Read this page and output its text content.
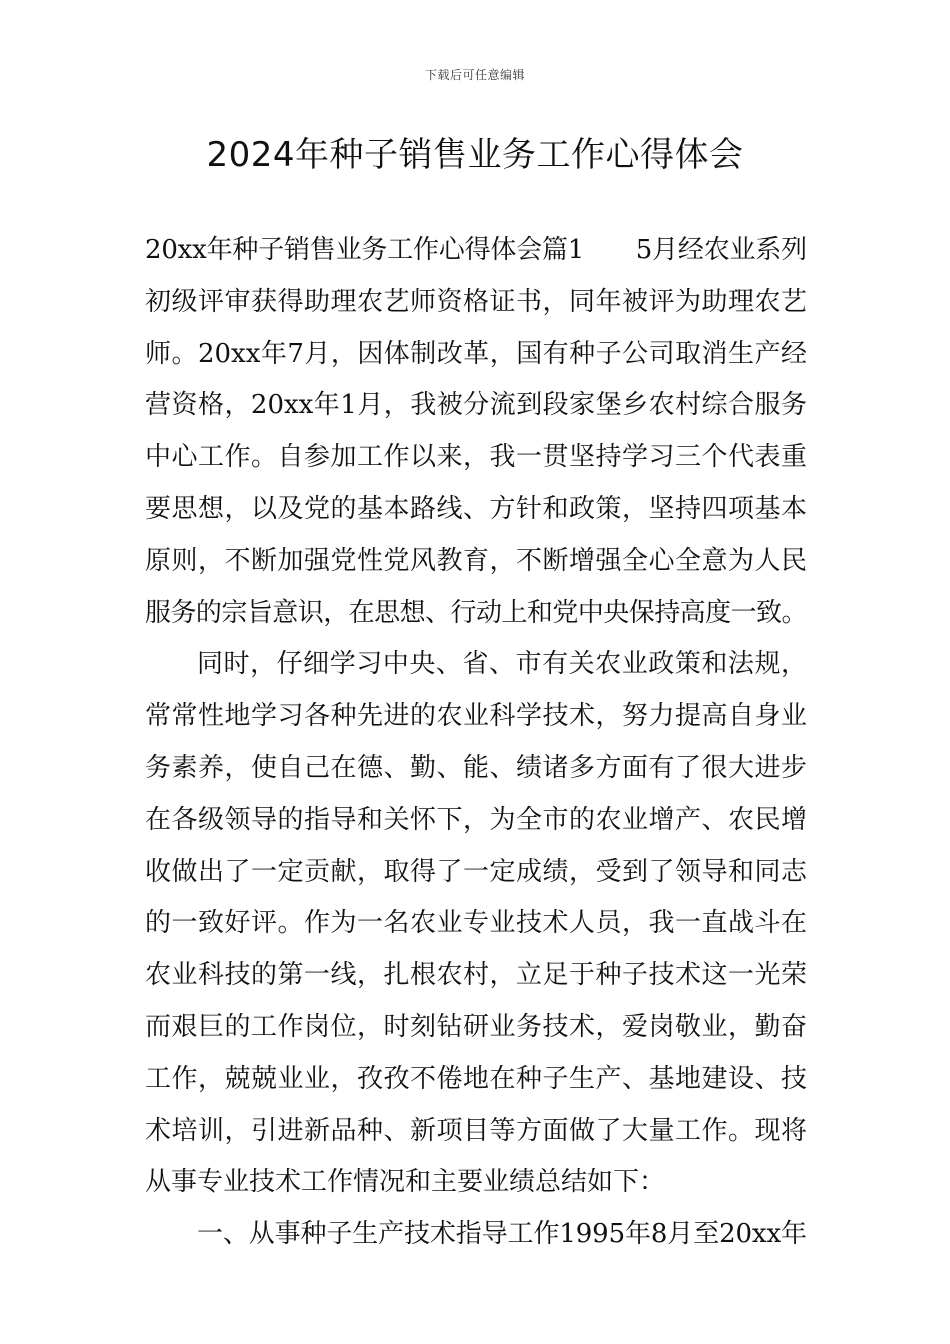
下载后可任意编辑
2024年种子销售业务工作心得体会
20xx年种子销售业务工作心得体会篇1　　5月经农业系列
初级评审获得助理农艺师资格证书，同年被评为助理农艺
师。20xx年7月，因体制改革，国有种子公司取消生产经
营资格，20xx年1月，我被分流到段家堡乡农村综合服务
中心工作。自参加工作以来，我一贯坚持学习三个代表重
要思想，以及党的基本路线、方针和政策，坚持四项基本
原则，不断加强党性党风教育，不断增强全心全意为人民
服务的宗旨意识，在思想、行动上和党中央保持高度一致。
同时，仔细学习中央、省、市有关农业政策和法规，
常常性地学习各种先进的农业科学技术，努力提高自身业
务素养，使自己在德、勤、能、绩诸多方面有了很大进步
在各级领导的指导和关怀下，为全市的农业增产、农民增
收做出了一定贡献，取得了一定成绩，受到了领导和同志
的一致好评。作为一名农业专业技术人员，我一直战斗在
农业科技的第一线，扎根农村，立足于种子技术这一光荣
而艰巨的工作岗位，时刻钻研业务技术，爱岗敬业，勤奋
工作，兢兢业业，孜孜不倦地在种子生产、基地建设、技
术培训，引进新品种、新项目等方面做了大量工作。现将
从事专业技术工作情况和主要业绩总结如下：
一、从事种子生产技术指导工作1995年8月至20xx年
